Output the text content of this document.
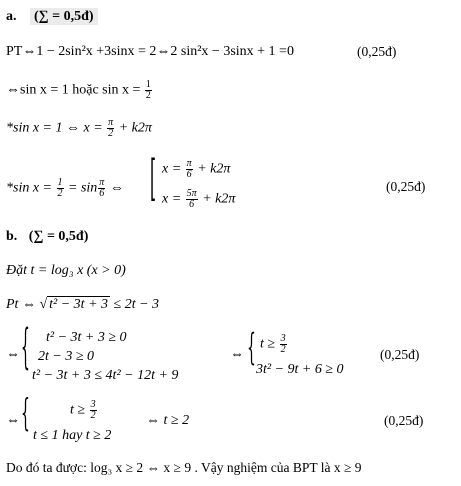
a. (∑ = 0,5đ)
PT⇔1 − 2sin²x +3sinx = 2⇔2 sin²x − 3sinx + 1 =0	(0,25đ)
⇔sin x = 1 hoặc $\sin x = \frac{1}{2}$
*sin x = 1 ⇔ $x = \frac{\pi}{2} + k2\pi$
*sin $x = \frac{1}{2} = \sin \frac{\pi}{6}$ ⇔ [ $x = \frac{\pi}{6} + k2\pi$
$x = \frac{5\pi}{6} + k2\pi$
(0,25đ)
b. (∑ = 0,5đ)
Đặt t = log₃ x (x > 0)
Pt ⇔ √ t² − 3t + 3 ≤ 2t − 3
⇔ { t² − 3t + 3 ≥ 0
2t − 3 ≥ 0
t² − 3t + 3 ≤ 4t² − 12t + 9
⇔ { $t \ge \frac{3}{2}$
3t² − 9t + 6 ≥ 0
(0,25đ)
⇔ {	$t \ge \frac{3}{2}$
t ≤ 1 hay t ≥ 2
⇔ t ≥ 2	(0,25đ)
Do đó ta được: log₃ x ≥ 2 ⇔ x ≥ 9 . Vậy nghiệm của BPT là x ≥ 9
